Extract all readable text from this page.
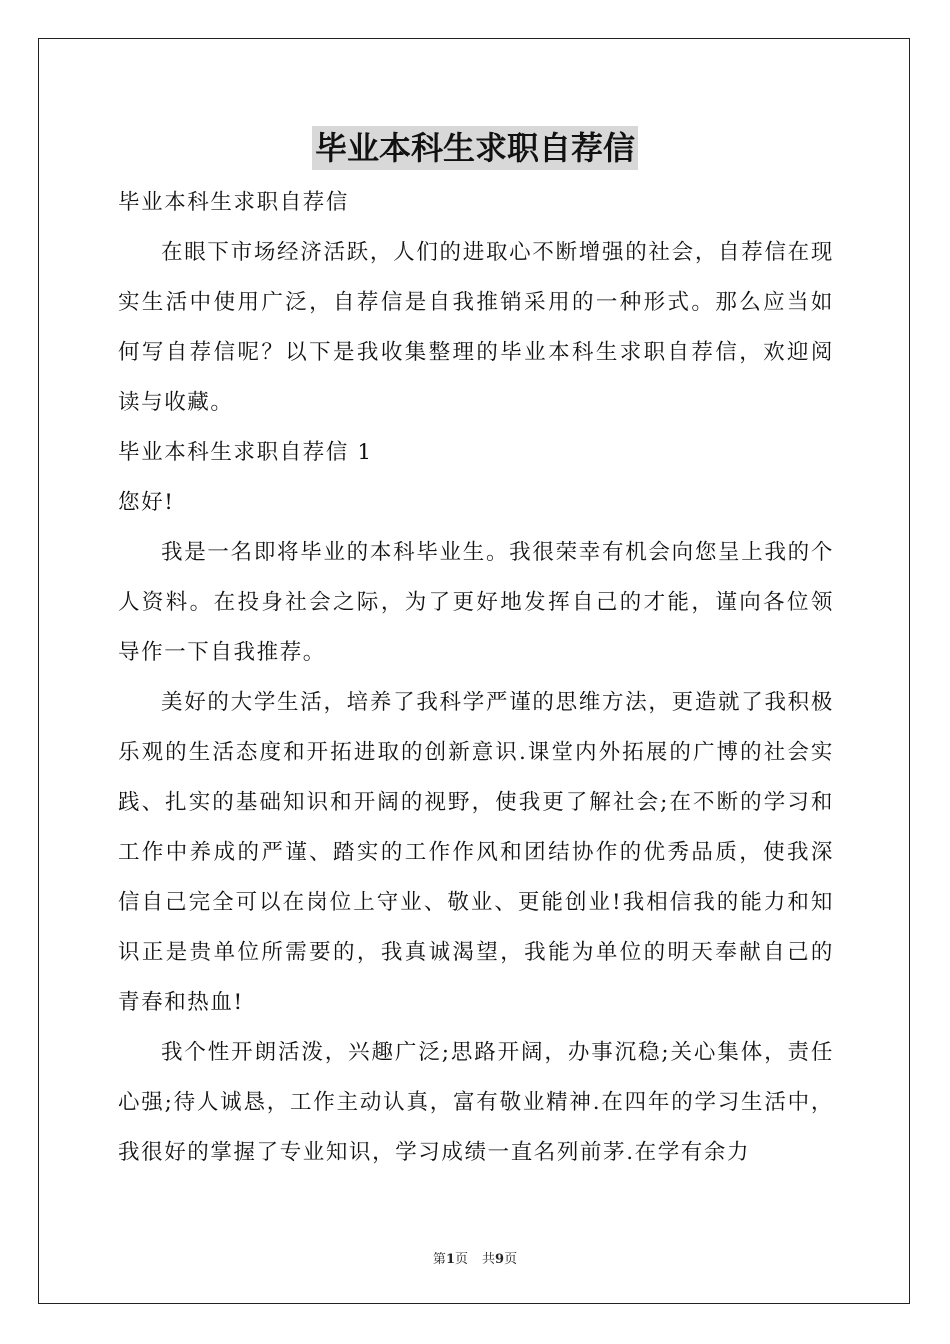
毕业本科生求职自荐信

毕业本科生求职自荐信

在眼下市场经济活跃，人们的进取心不断增强的社会，自荐信在现实生活中使用广泛，自荐信是自我推销采用的一种形式。那么应当如何写自荐信呢？以下是我收集整理的毕业本科生求职自荐信，欢迎阅读与收藏。

毕业本科生求职自荐信 1

您好!

我是一名即将毕业的本科毕业生。我很荣幸有机会向您呈上我的个人资料。在投身社会之际，为了更好地发挥自己的才能，谨向各位领导作一下自我推荐。

美好的大学生活，培养了我科学严谨的思维方法，更造就了我积极乐观的生活态度和开拓进取的创新意识.课堂内外拓展的广博的社会实践、扎实的基础知识和开阔的视野，使我更了解社会;在不断的学习和工作中养成的严谨、踏实的工作作风和团结协作的优秀品质，使我深信自己完全可以在岗位上守业、敬业、更能创业!我相信我的能力和知识正是贵单位所需要的，我真诚渴望，我能为单位的明天奉献自己的青春和热血!

我个性开朗活泼，兴趣广泛;思路开阔，办事沉稳;关心集体，责任心强;待人诚恳，工作主动认真，富有敬业精神.在四年的学习生活中，我很好的掌握了专业知识，学习成绩一直名列前茅.在学有余力

第1页 共9页
